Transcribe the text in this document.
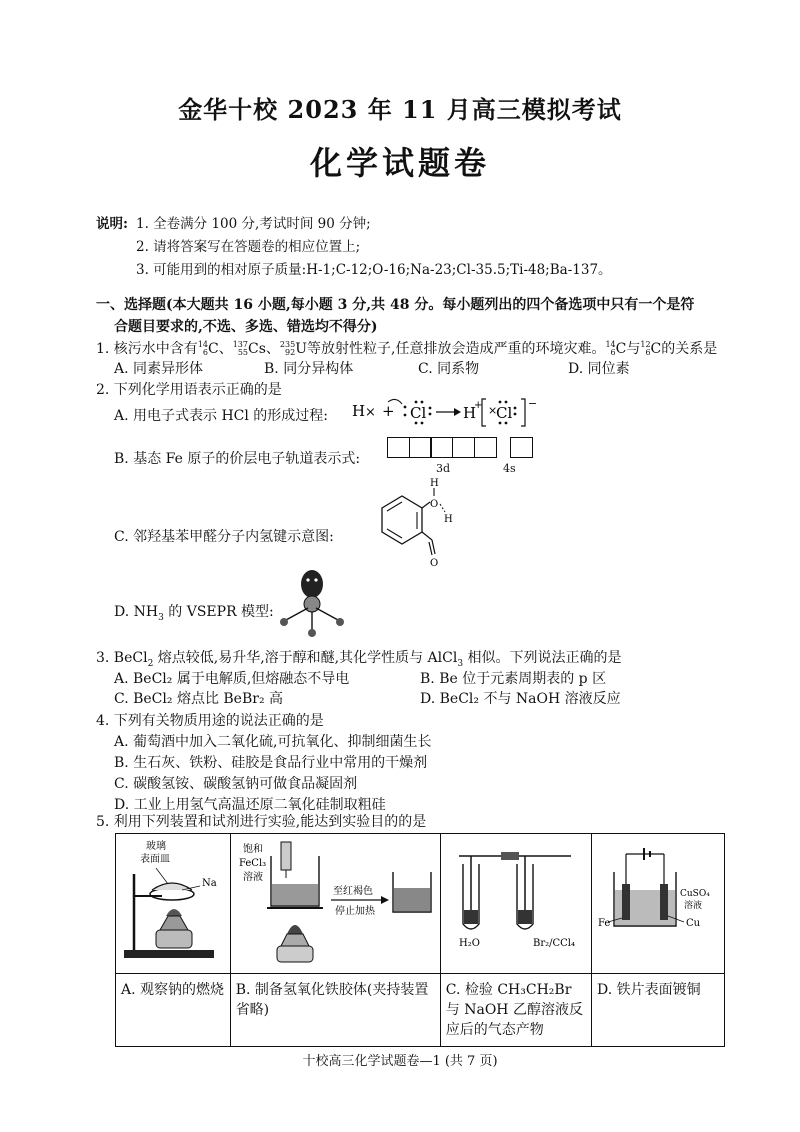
金华十校 2023 年 11 月高三模拟考试
化学试题卷
说明: 1. 全卷满分 100 分,考试时间 90 分钟;
2. 请将答案写在答题卷的相应位置上;
3. 可能用到的相对原子质量:H-1;C-12;O-16;Na-23;Cl-35.5;Ti-48;Ba-137。
一、选择题(本大题共 16 小题,每小题 3 分,共 48 分。每小题列出的四个备选项中只有一个是符
合题目要求的,不选、多选、错选均不得分)
1. 核污水中含有14
6C、137
55Cs、235
92U等放射性粒子,任意排放会造成严重的环境灾难。14
6C与12
6C的关系是
A. 同素异形体	B. 同分异构体	C. 同系物	D. 同位素
2. 下列化学用语表示正确的是
A. 用电子式表示 HCl 的形成过程: H × + Cl H
+ ×
Cl
−
B. 基态 Fe 原子的价层电子轨道表示式:

3d	4s
C. 邻羟基苯甲醛分子内氢键示意图:
O
H
H
O
D. $NH_3$ 的 VSEPR 模型:
3. BeCl$_2$ 熔点较低,易升华,溶于醇和醚,其化学性质与 AlCl$_3$ 相似。下列说法正确的是
A. BeCl₂ 属于电解质,但熔融态不导电	B. Be 位于元素周期表的 p 区
C. BeCl₂ 熔点比 BeBr₂ 高	D. BeCl₂ 不与 NaOH 溶液反应
4. 下列有关物质用途的说法正确的是
A. 葡萄酒中加入二氧化硫,可抗氧化、抑制细菌生长
B. 生石灰、铁粉、硅胶是食品行业中常用的干燥剂
C. 碳酸氢铵、碳酸氢钠可做食品凝固剂
D. 工业上用氢气高温还原二氧化硅制取粗硅
5. 利用下列装置和试剂进行实验,能达到实验目的的是
玻璃
表面皿
Na	饱和
FeCl₃
溶液
至红褐色
停止加热	H₂O Br₂/CCl₄	CuSO₄
溶液
Fe Cu

A. 观察钠的燃烧	B. 制备氢氧化铁胶体(夹持装置省略)	C. 检验 CH₃CH₂Br 与 NaOH 乙醇溶液反应后的气态产物	D. 铁片表面镀铜
十校高三化学试题卷—1 (共 7 页)
